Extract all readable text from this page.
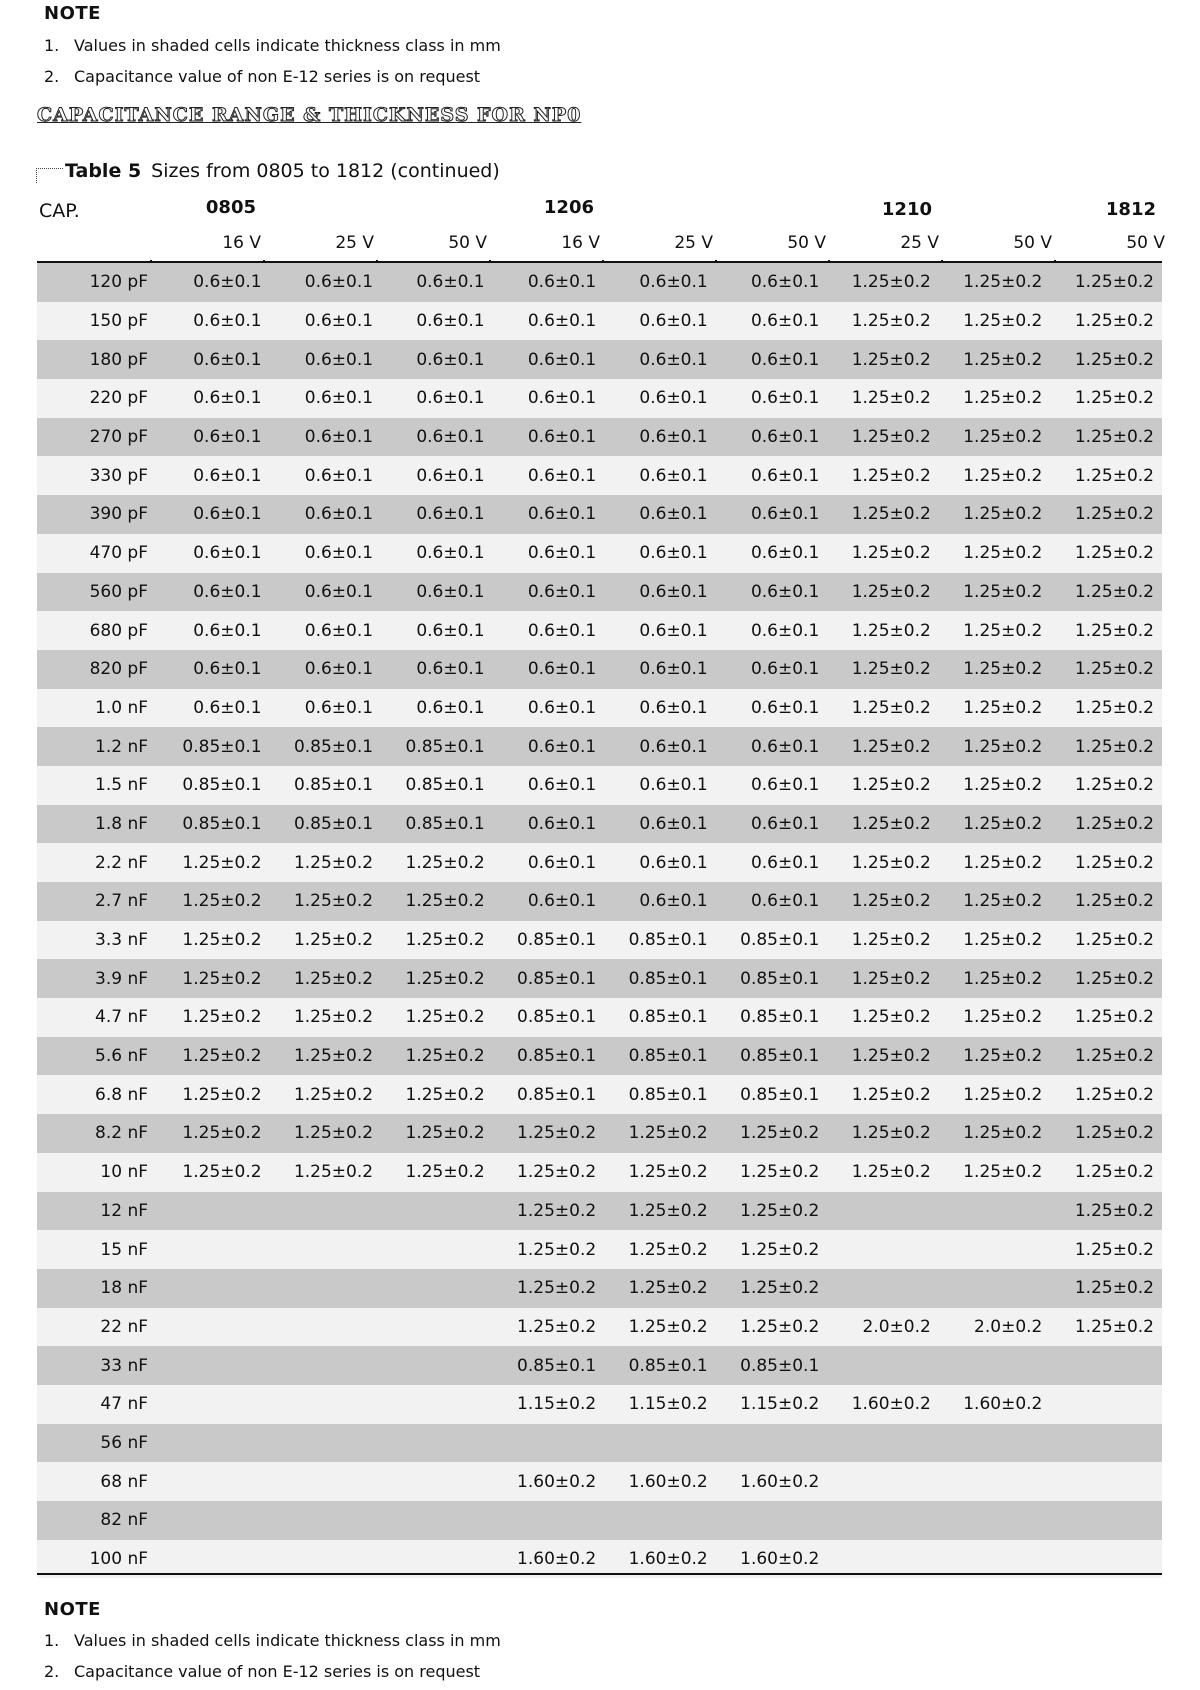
NOTE
1. Values in shaded cells indicate thickness class in mm
2. Capacitance value of non E-12 series is on request
CAPACITANCE RANGE & THICKNESS FOR NP0
Table 5 Sizes from 0805 to 1812 (continued)
CAP.	0805	1206	1210	1812
16 V	25 V	50 V	16 V	25 V	50 V	25 V	50 V	50 V
120 pF	0.6±0.1	0.6±0.1	0.6±0.1	0.6±0.1	0.6±0.1	0.6±0.1	1.25±0.2	1.25±0.2	1.25±0.2
150 pF	0.6±0.1	0.6±0.1	0.6±0.1	0.6±0.1	0.6±0.1	0.6±0.1	1.25±0.2	1.25±0.2	1.25±0.2
180 pF	0.6±0.1	0.6±0.1	0.6±0.1	0.6±0.1	0.6±0.1	0.6±0.1	1.25±0.2	1.25±0.2	1.25±0.2
220 pF	0.6±0.1	0.6±0.1	0.6±0.1	0.6±0.1	0.6±0.1	0.6±0.1	1.25±0.2	1.25±0.2	1.25±0.2
270 pF	0.6±0.1	0.6±0.1	0.6±0.1	0.6±0.1	0.6±0.1	0.6±0.1	1.25±0.2	1.25±0.2	1.25±0.2
330 pF	0.6±0.1	0.6±0.1	0.6±0.1	0.6±0.1	0.6±0.1	0.6±0.1	1.25±0.2	1.25±0.2	1.25±0.2
390 pF	0.6±0.1	0.6±0.1	0.6±0.1	0.6±0.1	0.6±0.1	0.6±0.1	1.25±0.2	1.25±0.2	1.25±0.2
470 pF	0.6±0.1	0.6±0.1	0.6±0.1	0.6±0.1	0.6±0.1	0.6±0.1	1.25±0.2	1.25±0.2	1.25±0.2
560 pF	0.6±0.1	0.6±0.1	0.6±0.1	0.6±0.1	0.6±0.1	0.6±0.1	1.25±0.2	1.25±0.2	1.25±0.2
680 pF	0.6±0.1	0.6±0.1	0.6±0.1	0.6±0.1	0.6±0.1	0.6±0.1	1.25±0.2	1.25±0.2	1.25±0.2
820 pF	0.6±0.1	0.6±0.1	0.6±0.1	0.6±0.1	0.6±0.1	0.6±0.1	1.25±0.2	1.25±0.2	1.25±0.2
1.0 nF	0.6±0.1	0.6±0.1	0.6±0.1	0.6±0.1	0.6±0.1	0.6±0.1	1.25±0.2	1.25±0.2	1.25±0.2
1.2 nF	0.85±0.1	0.85±0.1	0.85±0.1	0.6±0.1	0.6±0.1	0.6±0.1	1.25±0.2	1.25±0.2	1.25±0.2
1.5 nF	0.85±0.1	0.85±0.1	0.85±0.1	0.6±0.1	0.6±0.1	0.6±0.1	1.25±0.2	1.25±0.2	1.25±0.2
1.8 nF	0.85±0.1	0.85±0.1	0.85±0.1	0.6±0.1	0.6±0.1	0.6±0.1	1.25±0.2	1.25±0.2	1.25±0.2
2.2 nF	1.25±0.2	1.25±0.2	1.25±0.2	0.6±0.1	0.6±0.1	0.6±0.1	1.25±0.2	1.25±0.2	1.25±0.2
2.7 nF	1.25±0.2	1.25±0.2	1.25±0.2	0.6±0.1	0.6±0.1	0.6±0.1	1.25±0.2	1.25±0.2	1.25±0.2
3.3 nF	1.25±0.2	1.25±0.2	1.25±0.2	0.85±0.1	0.85±0.1	0.85±0.1	1.25±0.2	1.25±0.2	1.25±0.2
3.9 nF	1.25±0.2	1.25±0.2	1.25±0.2	0.85±0.1	0.85±0.1	0.85±0.1	1.25±0.2	1.25±0.2	1.25±0.2
4.7 nF	1.25±0.2	1.25±0.2	1.25±0.2	0.85±0.1	0.85±0.1	0.85±0.1	1.25±0.2	1.25±0.2	1.25±0.2
5.6 nF	1.25±0.2	1.25±0.2	1.25±0.2	0.85±0.1	0.85±0.1	0.85±0.1	1.25±0.2	1.25±0.2	1.25±0.2
6.8 nF	1.25±0.2	1.25±0.2	1.25±0.2	0.85±0.1	0.85±0.1	0.85±0.1	1.25±0.2	1.25±0.2	1.25±0.2
8.2 nF	1.25±0.2	1.25±0.2	1.25±0.2	1.25±0.2	1.25±0.2	1.25±0.2	1.25±0.2	1.25±0.2	1.25±0.2
10 nF	1.25±0.2	1.25±0.2	1.25±0.2	1.25±0.2	1.25±0.2	1.25±0.2	1.25±0.2	1.25±0.2	1.25±0.2
12 nF				1.25±0.2	1.25±0.2	1.25±0.2			1.25±0.2
15 nF				1.25±0.2	1.25±0.2	1.25±0.2			1.25±0.2
18 nF				1.25±0.2	1.25±0.2	1.25±0.2			1.25±0.2
22 nF				1.25±0.2	1.25±0.2	1.25±0.2	2.0±0.2	2.0±0.2	1.25±0.2
33 nF				0.85±0.1	0.85±0.1	0.85±0.1			
47 nF				1.15±0.2	1.15±0.2	1.15±0.2	1.60±0.2	1.60±0.2	
56 nF									
68 nF				1.60±0.2	1.60±0.2	1.60±0.2			
82 nF									
100 nF				1.60±0.2	1.60±0.2	1.60±0.2			
NOTE
1. Values in shaded cells indicate thickness class in mm
2. Capacitance value of non E-12 series is on request
